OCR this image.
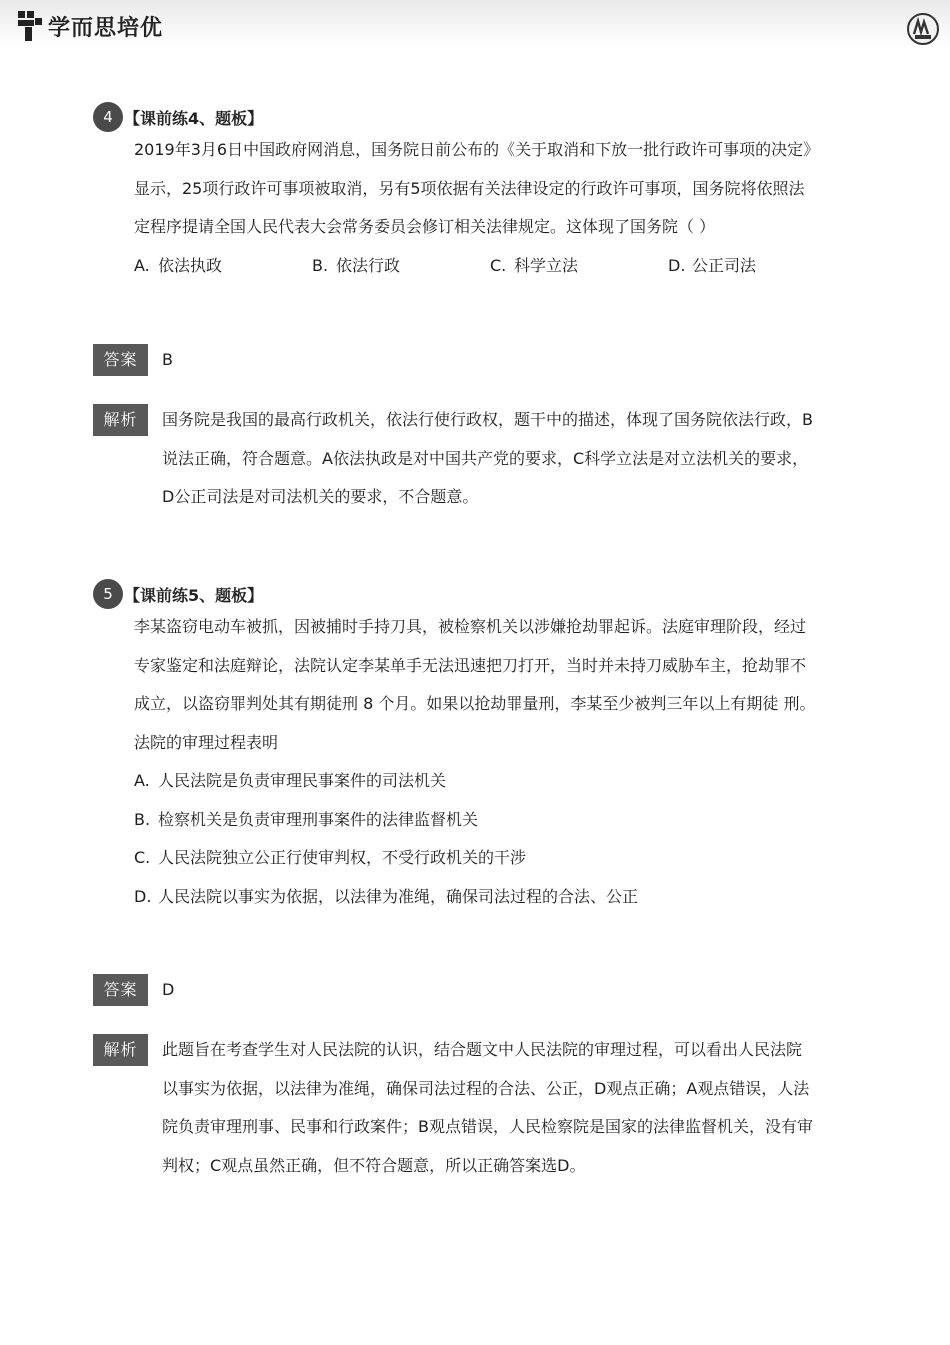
学而思培优
4 【课前练4、题板】

2019年3月6日中国政府网消息，国务院日前公布的《关于取消和下放一批行政许可事项的决定》

显示，25项行政许可事项被取消，另有5项依据有关法律设定的行政许可事项，国务院将依照法

定程序提请全国人民代表大会常务委员会修订相关法律规定。这体现了国务院（ ）

A. 依法执政	B. 依法行政	C. 科学立法	D. 公正司法
答案	B
解析	国务院是我国的最高行政机关，依法行使行政权，题干中的描述，体现了国务院依法行政，B

说法正确，符合题意。A依法执政是对中国共产党的要求，C科学立法是对立法机关的要求，

D公正司法是对司法机关的要求，不合题意。

5 【课前练5、题板】

李某盗窃电动车被抓，因被捕时手持刀具，被检察机关以涉嫌抢劫罪起诉。法庭审理阶段，经过

专家鉴定和法庭辩论，法院认定李某单手无法迅速把刀打开，当时并未持刀威胁车主，抢劫罪不

成立，以盗窃罪判处其有期徒刑 8 个月。如果以抢劫罪量刑，李某至少被判三年以上有期徒 刑。

法院的审理过程表明

A. 人民法院是负责审理民事案件的司法机关
B. 检察机关是负责审理刑事案件的法律监督机关
C. 人民法院独立公正行使审判权，不受行政机关的干涉
D. 人民法院以事实为依据，以法律为准绳，确保司法过程的合法、公正
答案	D
解析	此题旨在考查学生对人民法院的认识，结合题文中人民法院的审理过程，可以看出人民法院

以事实为依据，以法律为准绳，确保司法过程的合法、公正，D观点正确；A观点错误，人法

院负责审理刑事、民事和行政案件；B观点错误，人民检察院是国家的法律监督机关，没有审

判权；C观点虽然正确，但不符合题意，所以正确答案选D。
